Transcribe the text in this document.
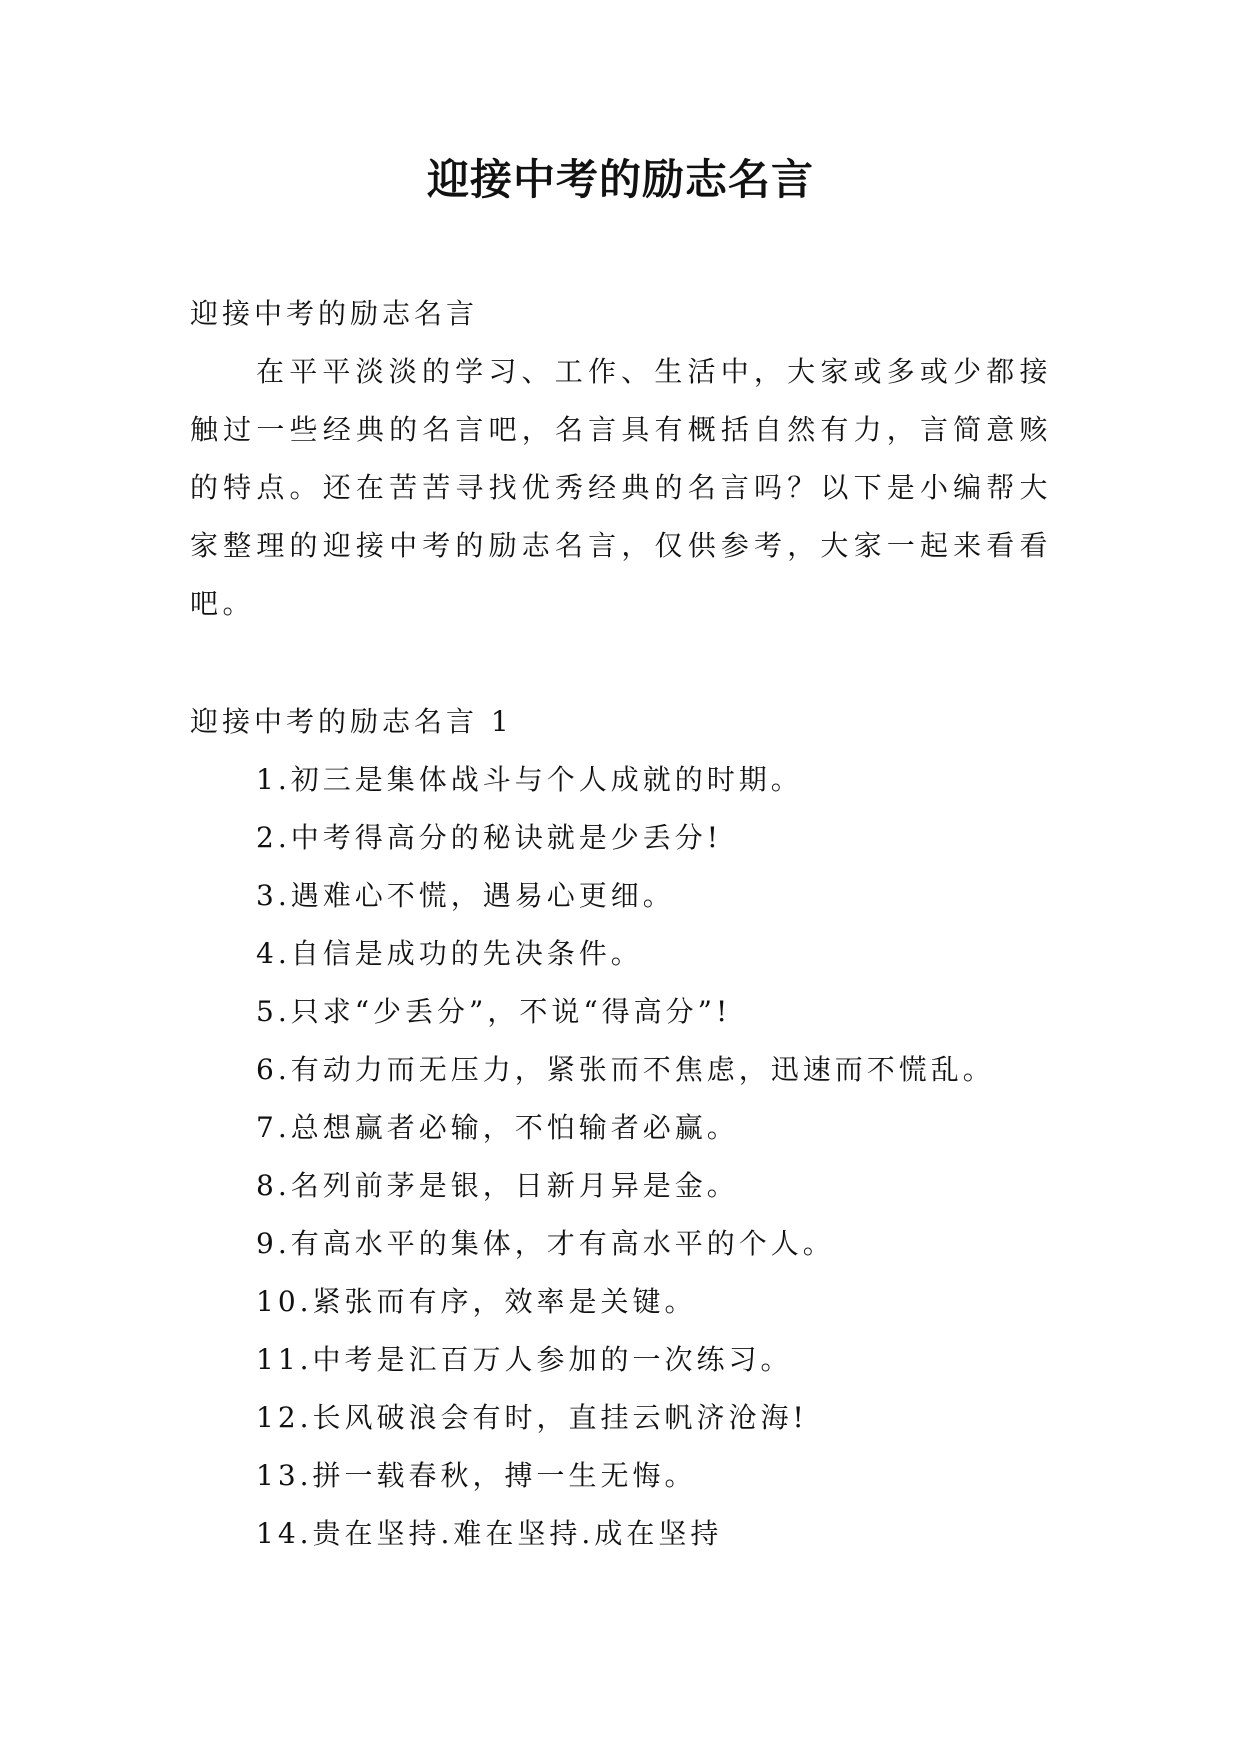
迎接中考的励志名言

迎接中考的励志名言

在平平淡淡的学习、工作、生活中，大家或多或少都接触过一些经典的名言吧，名言具有概括自然有力，言简意赅的特点。还在苦苦寻找优秀经典的名言吗？以下是小编帮大家整理的迎接中考的励志名言，仅供参考，大家一起来看看吧。

迎接中考的励志名言 1

1.初三是集体战斗与个人成就的时期。
2.中考得高分的秘诀就是少丢分!
3.遇难心不慌，遇易心更细。
4.自信是成功的先决条件。
5.只求“少丢分”，不说“得高分”!
6.有动力而无压力，紧张而不焦虑，迅速而不慌乱。
7.总想赢者必输，不怕输者必赢。
8.名列前茅是银，日新月异是金。
9.有高水平的集体，才有高水平的个人。
10.紧张而有序，效率是关键。
11.中考是汇百万人参加的一次练习。
12.长风破浪会有时，直挂云帆济沧海!
13.拼一载春秋，搏一生无悔。
14.贵在坚持.难在坚持.成在坚持
